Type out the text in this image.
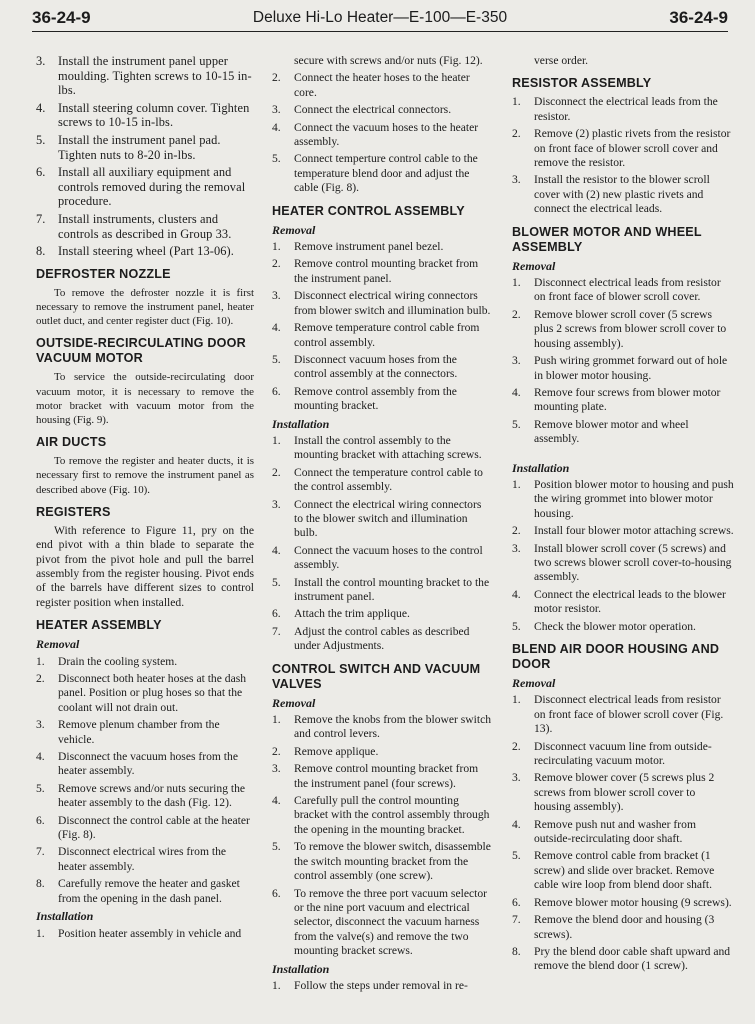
36-24-9	Deluxe Hi-Lo Heater—E-100—E-350	36-24-9
3.	Install the instrument panel upper moulding. Tighten screws to 10-15 in-lbs.
4.	Install steering column cover. Tighten screws to 10-15 in-lbs.
5.	Install the instrument panel pad. Tighten nuts to 8-20 in-lbs.
6.	Install all auxiliary equipment and controls removed during the removal procedure.
7.	Install instruments, clusters and controls as described in Group 33.
8.	Install steering wheel (Part 13-06).
DEFROSTER NOZZLE

To remove the defroster nozzle it is first necessary to remove the instrument panel, heater outlet duct, and center register duct (Fig. 10).

OUTSIDE-RECIRCULATING DOOR VACUUM MOTOR

To service the outside-recirculating door vacuum motor, it is necessary to remove the motor bracket with vacuum motor from the housing (Fig. 9).

AIR DUCTS

To remove the register and heater ducts, it is necessary first to remove the instrument panel as described above (Fig. 10).

REGISTERS

With reference to Figure 11, pry on the end pivot with a thin blade to separate the pivot from the pivot hole and pull the barrel assembly from the register housing. Pivot ends of the barrels have different sizes to control register position when installed.

HEATER ASSEMBLY
Removal
1.	Drain the cooling system.
2.	Disconnect both heater hoses at the dash panel. Position or plug hoses so that the coolant will not drain out.
3.	Remove plenum chamber from the vehicle.
4.	Disconnect the vacuum hoses from the heater assembly.
5.	Remove screws and/or nuts securing the heater assembly to the dash (Fig. 12).
6.	Disconnect the control cable at the heater (Fig. 8).
7.	Disconnect electrical wires from the heater assembly.
8.	Carefully remove the heater and gasket from the opening in the dash panel.
Installation
1.	Position heater assembly in vehicle and

secure with screws and/or nuts (Fig. 12).

2.	Connect the heater hoses to the heater core.
3.	Connect the electrical connectors.
4.	Connect the vacuum hoses to the heater assembly.
5.	Connect temperture control cable to the temperature blend door and adjust the cable (Fig. 8).
HEATER CONTROL ASSEMBLY
Removal
1.	Remove instrument panel bezel.
2.	Remove control mounting bracket from the instrument panel.
3.	Disconnect electrical wiring connectors from blower switch and illumination bulb.
4.	Remove temperature control cable from control assembly.
5.	Disconnect vacuum hoses from the control assembly at the connectors.
6.	Remove control assembly from the mounting bracket.
Installation
1.	Install the control assembly to the mounting bracket with attaching screws.
2.	Connect the temperature control cable to the control assembly.
3.	Connect the electrical wiring connectors to the blower switch and illumination bulb.
4.	Connect the vacuum hoses to the control assembly.
5.	Install the control mounting bracket to the instrument panel.
6.	Attach the trim applique.
7.	Adjust the control cables as described under Adjustments.
CONTROL SWITCH AND VACUUM VALVES
Removal
1.	Remove the knobs from the blower switch and control levers.
2.	Remove applique.
3.	Remove control mounting bracket from the instrument panel (four screws).
4.	Carefully pull the control mounting bracket with the control assembly through the opening in the mounting bracket.
5.	To remove the blower switch, disassemble the switch mounting bracket from the control assembly (one screw).
6.	To remove the three port vacuum selector or the nine port vacuum and electrical selector, disconnect the vacuum harness from the valve(s) and remove the two mounting bracket screws.
Installation
1.	Follow the steps under removal in re-

verse order.

RESISTOR ASSEMBLY
1.	Disconnect the electrical leads from the resistor.
2.	Remove (2) plastic rivets from the resistor on front face of blower scroll cover and remove the resistor.
3.	Install the resistor to the blower scroll cover with (2) new plastic rivets and connect the electrical leads.
BLOWER MOTOR AND WHEEL ASSEMBLY
Removal
1.	Disconnect electrical leads from resistor on front face of blower scroll cover.
2.	Remove blower scroll cover (5 screws plus 2 screws from blower scroll cover to housing assembly).
3.	Push wiring grommet forward out of hole in blower motor housing.
4.	Remove four screws from blower motor mounting plate.
5.	Remove blower motor and wheel assembly.
Installation
1.	Position blower motor to housing and push the wiring grommet into blower motor housing.
2.	Install four blower motor attaching screws.
3.	Install blower scroll cover (5 screws) and two screws blower scroll cover-to-housing assembly.
4.	Connect the electrical leads to the blower motor resistor.
5.	Check the blower motor operation.
BLEND AIR DOOR HOUSING AND DOOR
Removal
1.	Disconnect electrical leads from resistor on front face of blower scroll cover (Fig. 13).
2.	Disconnect vacuum line from outside-recirculating vacuum motor.
3.	Remove blower cover (5 screws plus 2 screws from blower scroll cover to housing assembly).
4.	Remove push nut and washer from outside-recirculating door shaft.
5.	Remove control cable from bracket (1 screw) and slide over bracket. Remove cable wire loop from blend door shaft.
6.	Remove blower motor housing (9 screws).
7.	Remove the blend door and housing (3 screws).
8.	Pry the blend door cable shaft upward and remove the blend door (1 screw).
